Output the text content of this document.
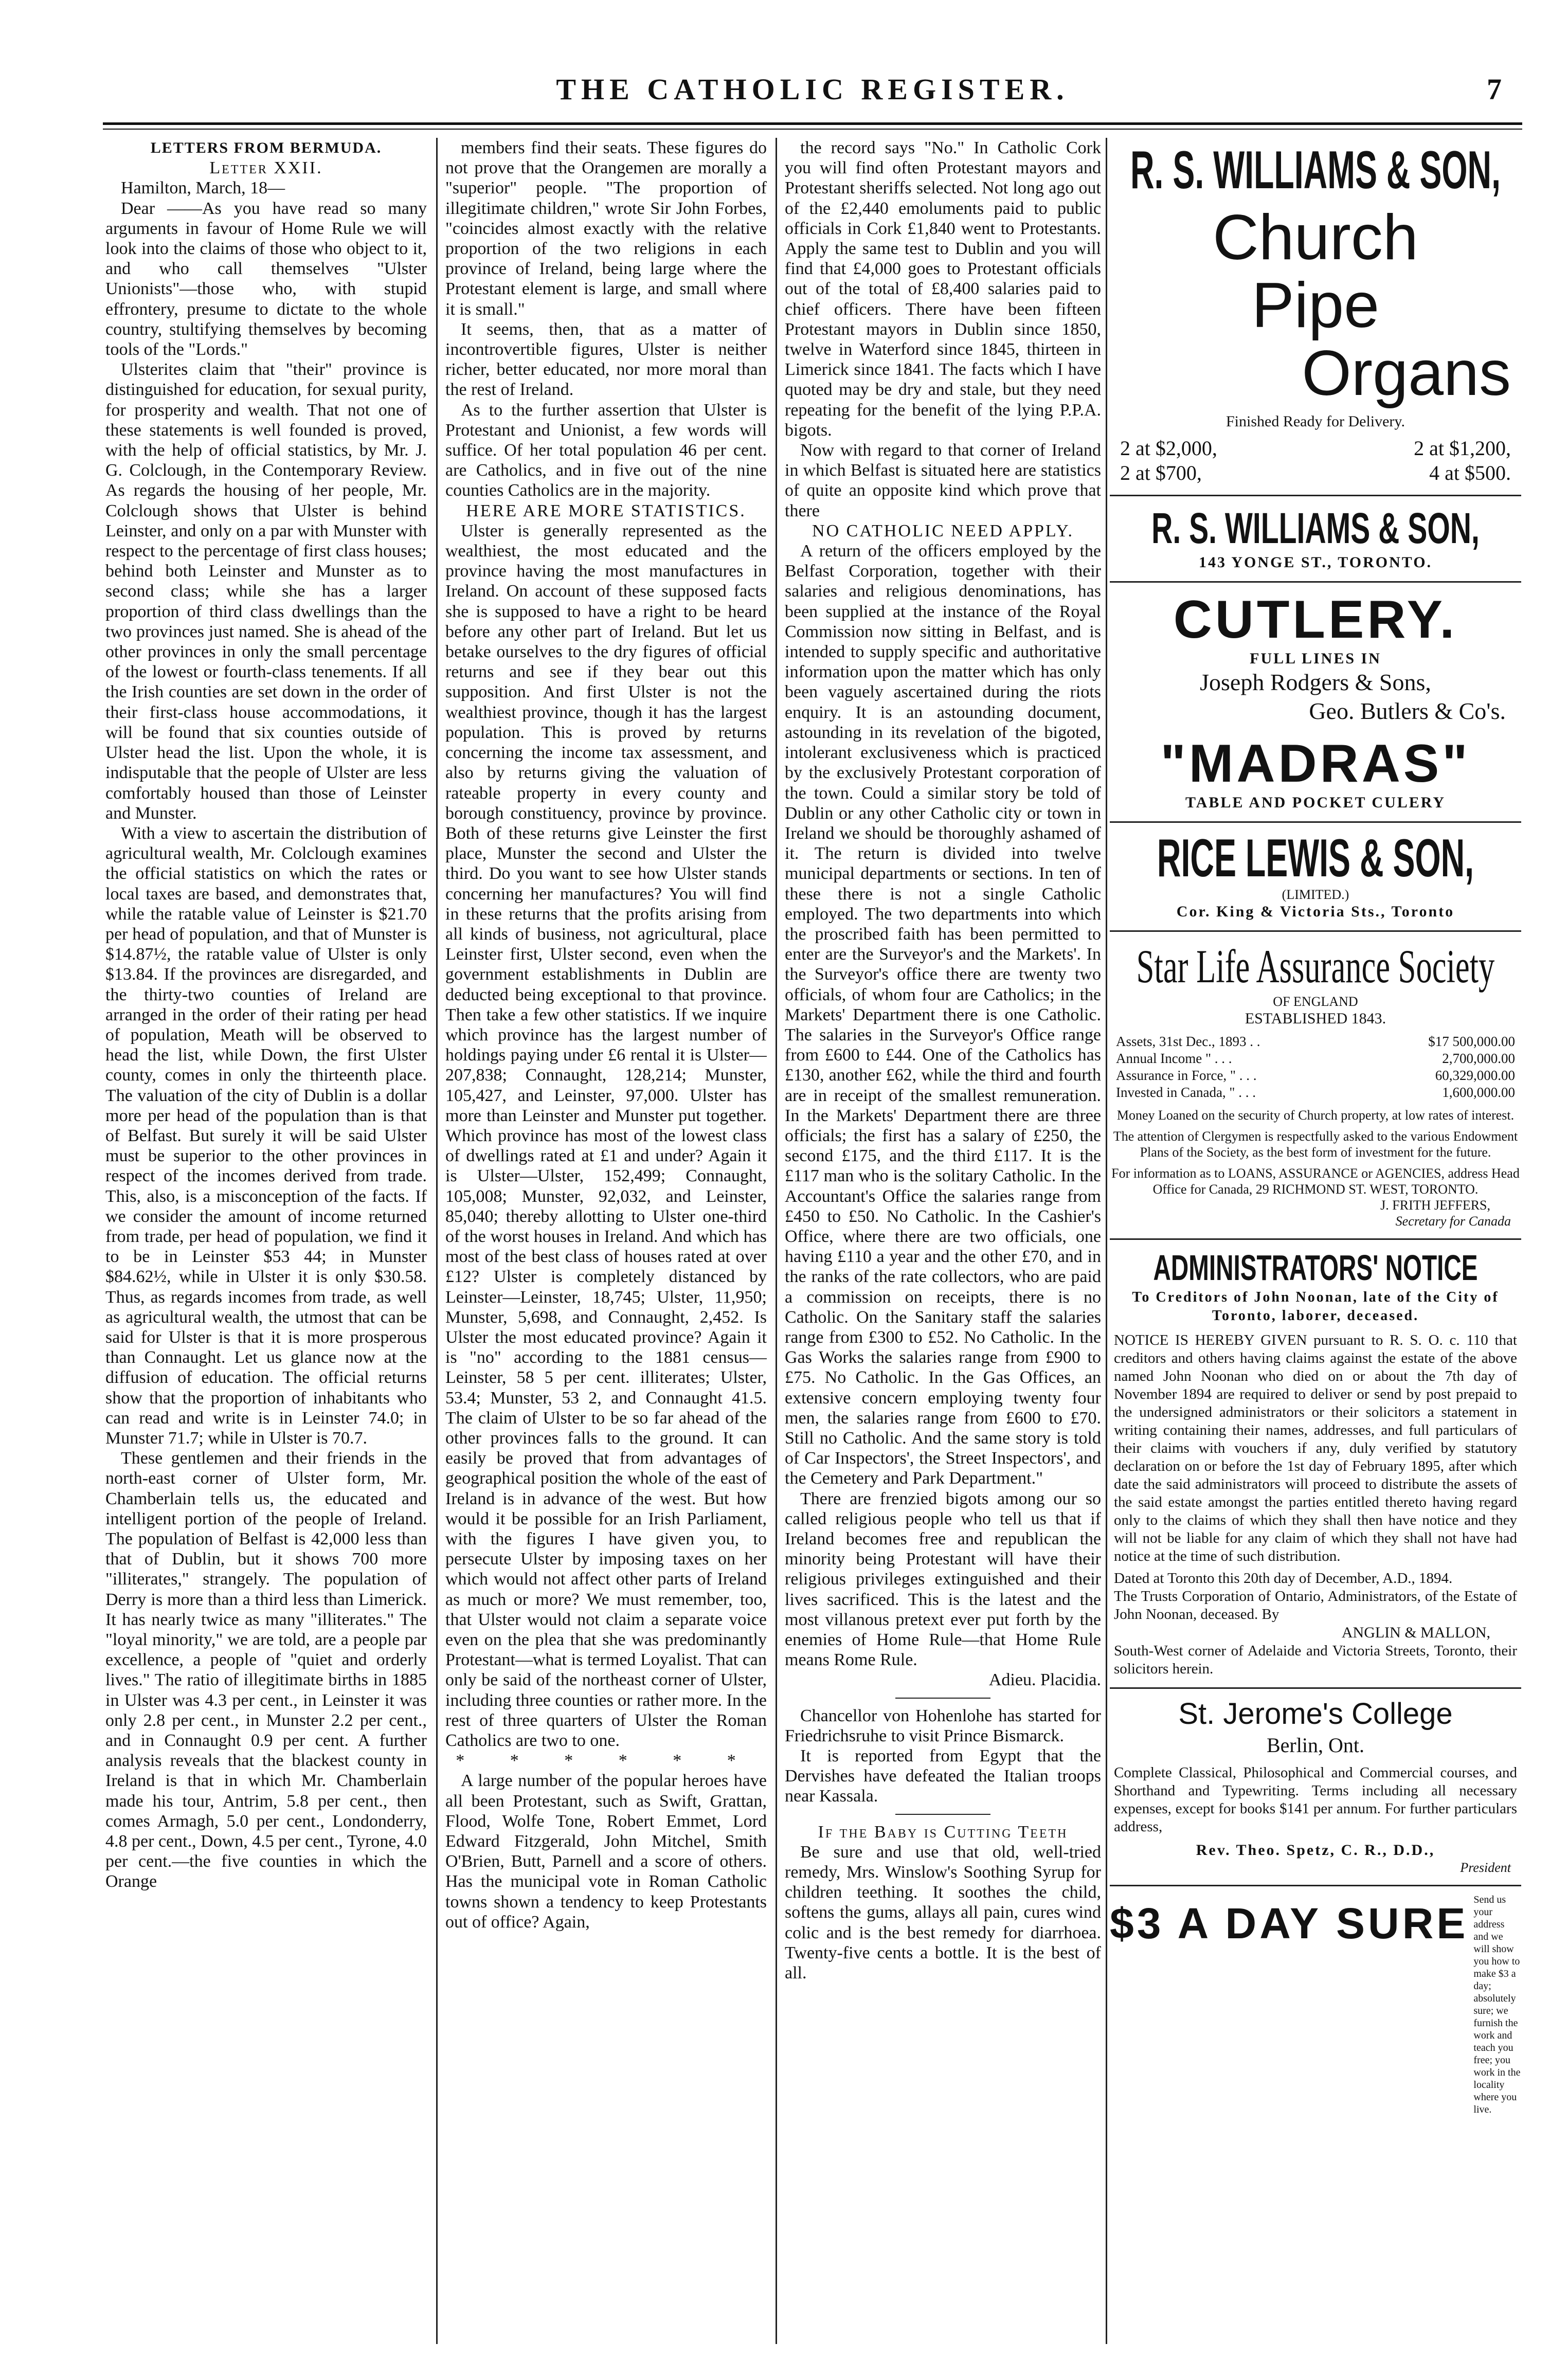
THE CATHOLIC REGISTER.	7

LETTERS FROM BERMUDA.

Letter XXII.

Hamilton, March, 18—

Dear ——As you have read so many arguments in favour of Home Rule we will look into the claims of those who object to it, and who call themselves "Ulster Unionists"—those who, with stupid effrontery, presume to dictate to the whole country, stultifying themselves by becoming tools of the "Lords."

Ulsterites claim that "their" province is distinguished for education, for sexual purity, for prosperity and wealth. That not one of these statements is well founded is proved, with the help of official statistics, by Mr. J. G. Colclough, in the Contemporary Review. As regards the housing of her people, Mr. Colclough shows that Ulster is behind Leinster, and only on a par with Munster with respect to the percentage of first class houses; behind both Leinster and Munster as to second class; while she has a larger proportion of third class dwellings than the two provinces just named. She is ahead of the other provinces in only the small percentage of the lowest or fourth-class tenements. If all the Irish counties are set down in the order of their first-class house accommodations, it will be found that six counties outside of Ulster head the list. Upon the whole, it is indisputable that the people of Ulster are less comfortably housed than those of Leinster and Munster.

With a view to ascertain the distribution of agricultural wealth, Mr. Colclough examines the official statistics on which the rates or local taxes are based, and demonstrates that, while the ratable value of Leinster is $21.70 per head of population, and that of Munster is $14.87½, the ratable value of Ulster is only $13.84. If the provinces are disregarded, and the thirty-two counties of Ireland are arranged in the order of their rating per head of population, Meath will be observed to head the list, while Down, the first Ulster county, comes in only the thirteenth place. The valuation of the city of Dublin is a dollar more per head of the population than is that of Belfast. But surely it will be said Ulster must be superior to the other provinces in respect of the incomes derived from trade. This, also, is a misconception of the facts. If we consider the amount of income returned from trade, per head of population, we find it to be in Leinster $53 44; in Munster $84.62½, while in Ulster it is only $30.58. Thus, as regards incomes from trade, as well as agricultural wealth, the utmost that can be said for Ulster is that it is more prosperous than Connaught. Let us glance now at the diffusion of education. The official returns show that the proportion of inhabitants who can read and write is in Leinster 74.0; in Munster 71.7; while in Ulster is 70.7.

These gentlemen and their friends in the north-east corner of Ulster form, Mr. Chamberlain tells us, the educated and intelligent portion of the people of Ireland. The population of Belfast is 42,000 less than that of Dublin, but it shows 700 more "illiterates," strangely. The population of Derry is more than a third less than Limerick. It has nearly twice as many "illiterates." The "loyal minority," we are told, are a people par excellence, a people of "quiet and orderly lives." The ratio of illegitimate births in 1885 in Ulster was 4.3 per cent., in Leinster it was only 2.8 per cent., in Munster 2.2 per cent., and in Connaught 0.9 per cent. A further analysis reveals that the blackest county in Ireland is that in which Mr. Chamberlain made his tour, Antrim, 5.8 per cent., then comes Armagh, 5.0 per cent., Londonderry, 4.8 per cent., Down, 4.5 per cent., Tyrone, 4.0 per cent.—the five counties in which the Orange

members find their seats. These figures do not prove that the Orangemen are morally a "superior" people. "The proportion of illegitimate children," wrote Sir John Forbes, "coincides almost exactly with the relative proportion of the two religions in each province of Ireland, being large where the Protestant element is large, and small where it is small."

It seems, then, that as a matter of incontrovertible figures, Ulster is neither richer, better educated, nor more moral than the rest of Ireland.

As to the further assertion that Ulster is Protestant and Unionist, a few words will suffice. Of her total population 46 per cent. are Catholics, and in five out of the nine counties Catholics are in the majority.

HERE ARE MORE STATISTICS.

Ulster is generally represented as the wealthiest, the most educated and the province having the most manufactures in Ireland. On account of these supposed facts she is supposed to have a right to be heard before any other part of Ireland. But let us betake ourselves to the dry figures of official returns and see if they bear out this supposition. And first Ulster is not the wealthiest province, though it has the largest population. This is proved by returns concerning the income tax assessment, and also by returns giving the valuation of rateable property in every county and borough constituency, province by province. Both of these returns give Leinster the first place, Munster the second and Ulster the third. Do you want to see how Ulster stands concerning her manufactures? You will find in these returns that the profits arising from all kinds of business, not agricultural, place Leinster first, Ulster second, even when the government establishments in Dublin are deducted being exceptional to that province. Then take a few other statistics. If we inquire which province has the largest number of holdings paying under £6 rental it is Ulster—207,838; Connaught, 128,214; Munster, 105,427, and Leinster, 97,000. Ulster has more than Leinster and Munster put together. Which province has most of the lowest class of dwellings rated at £1 and under? Again it is Ulster—Ulster, 152,499; Connaught, 105,008; Munster, 92,032, and Leinster, 85,040; thereby allotting to Ulster one-third of the worst houses in Ireland. And which has most of the best class of houses rated at over £12? Ulster is completely distanced by Leinster—Leinster, 18,745; Ulster, 11,950; Munster, 5,698, and Connaught, 2,452. Is Ulster the most educated province? Again it is "no" according to the 1881 census—Leinster, 58 5 per cent. illiterates; Ulster, 53.4; Munster, 53 2, and Connaught 41.5. The claim of Ulster to be so far ahead of the other provinces falls to the ground. It can easily be proved that from advantages of geographical position the whole of the east of Ireland is in advance of the west. But how would it be possible for an Irish Parliament, with the figures I have given you, to persecute Ulster by imposing taxes on her which would not affect other parts of Ireland as much or more? We must remember, too, that Ulster would not claim a separate voice even on the plea that she was predominantly Protestant—what is termed Loyalist. That can only be said of the northeast corner of Ulster, including three counties or rather more. In the rest of three quarters of Ulster the Roman Catholics are two to one.

* * * * * *

A large number of the popular heroes have all been Protestant, such as Swift, Grattan, Flood, Wolfe Tone, Robert Emmet, Lord Edward Fitzgerald, John Mitchel, Smith O'Brien, Butt, Parnell and a score of others. Has the municipal vote in Roman Catholic towns shown a tendency to keep Protestants out of office? Again,

the record says "No." In Catholic Cork you will find often Protestant mayors and Protestant sheriffs selected. Not long ago out of the £2,440 emoluments paid to public officials in Cork £1,840 went to Protestants. Apply the same test to Dublin and you will find that £4,000 goes to Protestant officials out of the total of £8,400 salaries paid to chief officers. There have been fifteen Protestant mayors in Dublin since 1850, twelve in Waterford since 1845, thirteen in Limerick since 1841. The facts which I have quoted may be dry and stale, but they need repeating for the benefit of the lying P.P.A. bigots.

Now with regard to that corner of Ireland in which Belfast is situated here are statistics of quite an opposite kind which prove that there

NO CATHOLIC NEED APPLY.

A return of the officers employed by the Belfast Corporation, together with their salaries and religious denominations, has been supplied at the instance of the Royal Commission now sitting in Belfast, and is intended to supply specific and authoritative information upon the matter which has only been vaguely ascertained during the riots enquiry. It is an astounding document, astounding in its revelation of the bigoted, intolerant exclusiveness which is practiced by the exclusively Protestant corporation of the town. Could a similar story be told of Dublin or any other Catholic city or town in Ireland we should be thoroughly ashamed of it. The return is divided into twelve municipal departments or sections. In ten of these there is not a single Catholic employed. The two departments into which the proscribed faith has been permitted to enter are the Surveyor's and the Markets'. In the Surveyor's office there are twenty two officials, of whom four are Catholics; in the Markets' Department there is one Catholic. The salaries in the Surveyor's Office range from £600 to £44. One of the Catholics has £130, another £62, while the third and fourth are in receipt of the smallest remuneration. In the Markets' Department there are three officials; the first has a salary of £250, the second £175, and the third £117. It is the £117 man who is the solitary Catholic. In the Accountant's Office the salaries range from £450 to £50. No Catholic. In the Cashier's Office, where there are two officials, one having £110 a year and the other £70, and in the ranks of the rate collectors, who are paid a commission on receipts, there is no Catholic. On the Sanitary staff the salaries range from £300 to £52. No Catholic. In the Gas Works the salaries range from £900 to £75. No Catholic. In the Gas Offices, an extensive concern employing twenty four men, the salaries range from £600 to £70. Still no Catholic. And the same story is told of Car Inspectors', the Street Inspectors', and the Cemetery and Park Department."

There are frenzied bigots among our so called religious people who tell us that if Ireland becomes free and republican the minority being Protestant will have their religious privileges extinguished and their lives sacrificed. This is the latest and the most villanous pretext ever put forth by the enemies of Home Rule—that Home Rule means Rome Rule.

Adieu. Placidia.

Chancellor von Hohenlohe has started for Friedrichsruhe to visit Prince Bismarck.

It is reported from Egypt that the Dervishes have defeated the Italian troops near Kassala.

If the Baby is Cutting Teeth

Be sure and use that old, well-tried remedy, Mrs. Winslow's Soothing Syrup for children teething. It soothes the child, softens the gums, allays all pain, cures wind colic and is the best remedy for diarrhoea. Twenty-five cents a bottle. It is the best of all.

R. S. WILLIAMS & SON,
Church
Pipe
Organs
Finished Ready for Delivery.
2 at $2,000,	2 at $1,200,
2 at $700,	4 at $500.
R. S. WILLIAMS & SON,
143 YONGE ST., TORONTO.
CUTLERY.
FULL LINES IN
Joseph Rodgers & Sons,
Geo. Butlers & Co's.
"MADRAS"
TABLE AND POCKET CULERY
RICE LEWIS & SON,
(LIMITED.)
Cor. King & Victoria Sts., Toronto
Star Life Assurance Society
OF ENGLAND
ESTABLISHED 1843.
Assets, 31st Dec., 1893 . .	$17 500,000.00
Annual Income " . . .	2,700,000.00
Assurance in Force, " . . .	60,329,000.00
Invested in Canada, " . . .	1,600,000.00
Money Loaned on the security of Church property, at low rates of interest.
The attention of Clergymen is respectfully asked to the various Endowment Plans of the Society, as the best form of investment for the future.
For information as to LOANS, ASSURANCE or AGENCIES, address Head Office for Canada, 29 RICHMOND ST. WEST, TORONTO.
J. FRITH JEFFERS,
Secretary for Canada
ADMINISTRATORS' NOTICE
To Creditors of John Noonan, late of the City of Toronto, laborer, deceased.
NOTICE IS HEREBY GIVEN pursuant to R. S. O. c. 110 that creditors and others having claims against the estate of the above named John Noonan who died on or about the 7th day of November 1894 are required to deliver or send by post prepaid to the undersigned administrators or their solicitors a statement in writing containing their names, addresses, and full particulars of their claims with vouchers if any, duly verified by statutory declaration on or before the 1st day of February 1895, after which date the said administrators will proceed to distribute the assets of the said estate amongst the parties entitled thereto having regard only to the claims of which they shall then have notice and they will not be liable for any claim of which they shall not have had notice at the time of such distribution.
Dated at Toronto this 20th day of December, A.D., 1894.
The Trusts Corporation of Ontario, Administrators, of the Estate of John Noonan, deceased. By
ANGLIN & MALLON,
South-West corner of Adelaide and Victoria Streets, Toronto, their solicitors herein.
St. Jerome's College
Berlin, Ont.
Complete Classical, Philosophical and Commercial courses, and Shorthand and Typewriting. Terms including all necessary expenses, except for books $141 per annum. For further particulars address,
Rev. Theo. Spetz, C. R., D.D.,
President
$3 A DAY SURE Send us your address and we will show you how to make $3 a day; absolutely sure; we furnish the work and teach you free; you work in the locality where you live.
